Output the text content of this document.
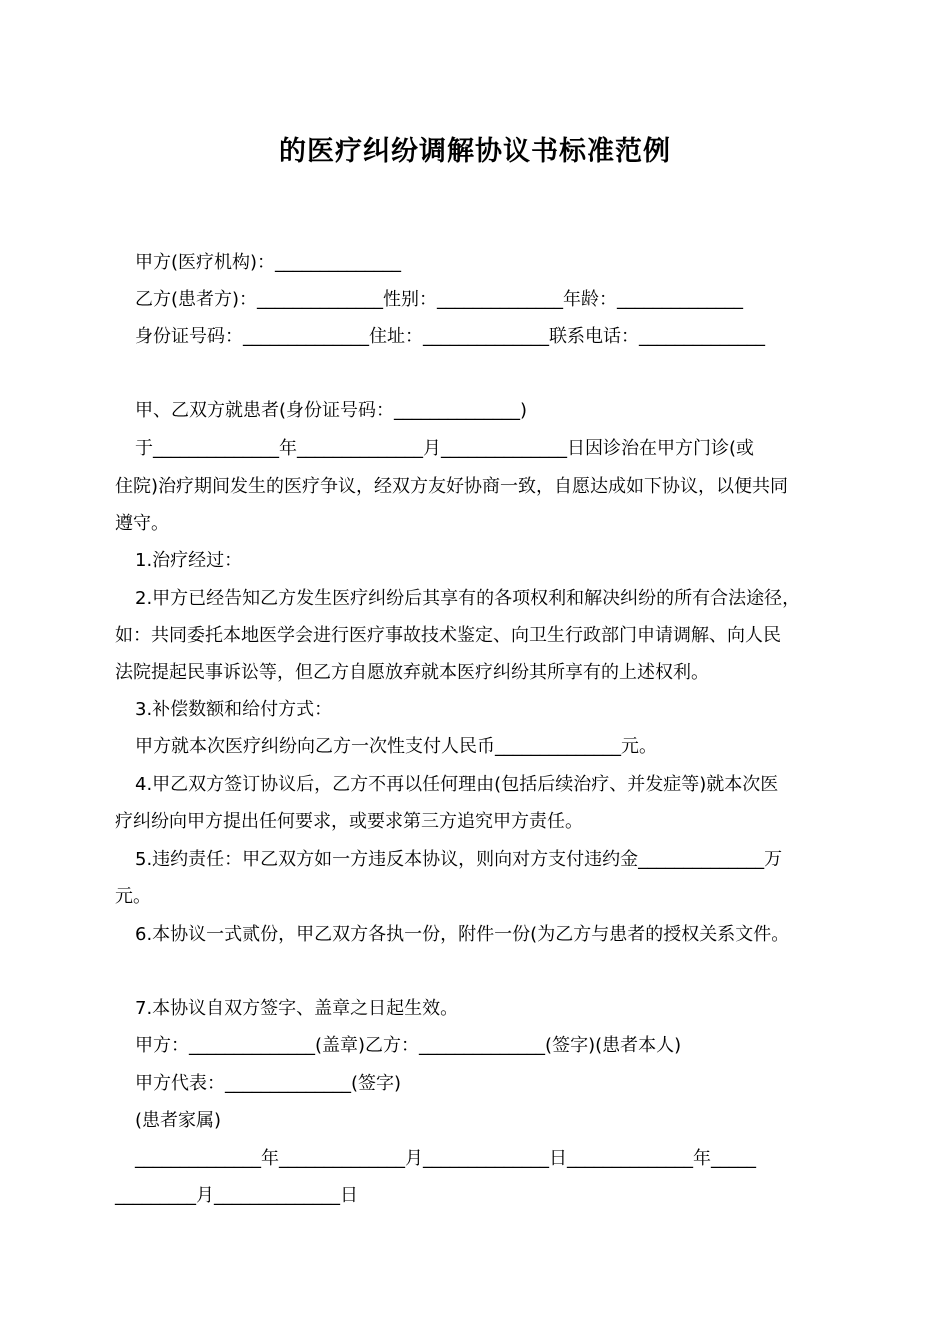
的医疗纠纷调解协议书标准范例
甲方(医疗机构)：______________
乙方(患者方)：______________性别：______________年龄：______________
身份证号码：______________住址：______________联系电话：______________
甲、乙双方就患者(身份证号码：______________)
于______________年______________月______________日因诊治在甲方门诊(或
住院)治疗期间发生的医疗争议，经双方友好协商一致，自愿达成如下协议，以便共同
遵守。
1.治疗经过：
2.甲方已经告知乙方发生医疗纠纷后其享有的各项权利和解决纠纷的所有合法途径，
如：共同委托本地医学会进行医疗事故技术鉴定、向卫生行政部门申请调解、向人民
法院提起民事诉讼等，但乙方自愿放弃就本医疗纠纷其所享有的上述权利。
3.补偿数额和给付方式：
甲方就本次医疗纠纷向乙方一次性支付人民币______________元。
4.甲乙双方签订协议后，乙方不再以任何理由(包括后续治疗、并发症等)就本次医
疗纠纷向甲方提出任何要求，或要求第三方追究甲方责任。
5.违约责任：甲乙双方如一方违反本协议，则向对方支付违约金______________万
元。
6.本协议一式贰份，甲乙双方各执一份，附件一份(为乙方与患者的授权关系文件。
7.本协议自双方签字、盖章之日起生效。
甲方：______________(盖章)乙方：______________(签字)(患者本人)
甲方代表：______________(签字)
(患者家属)
______________年______________月______________日______________年_____
_________月______________日
